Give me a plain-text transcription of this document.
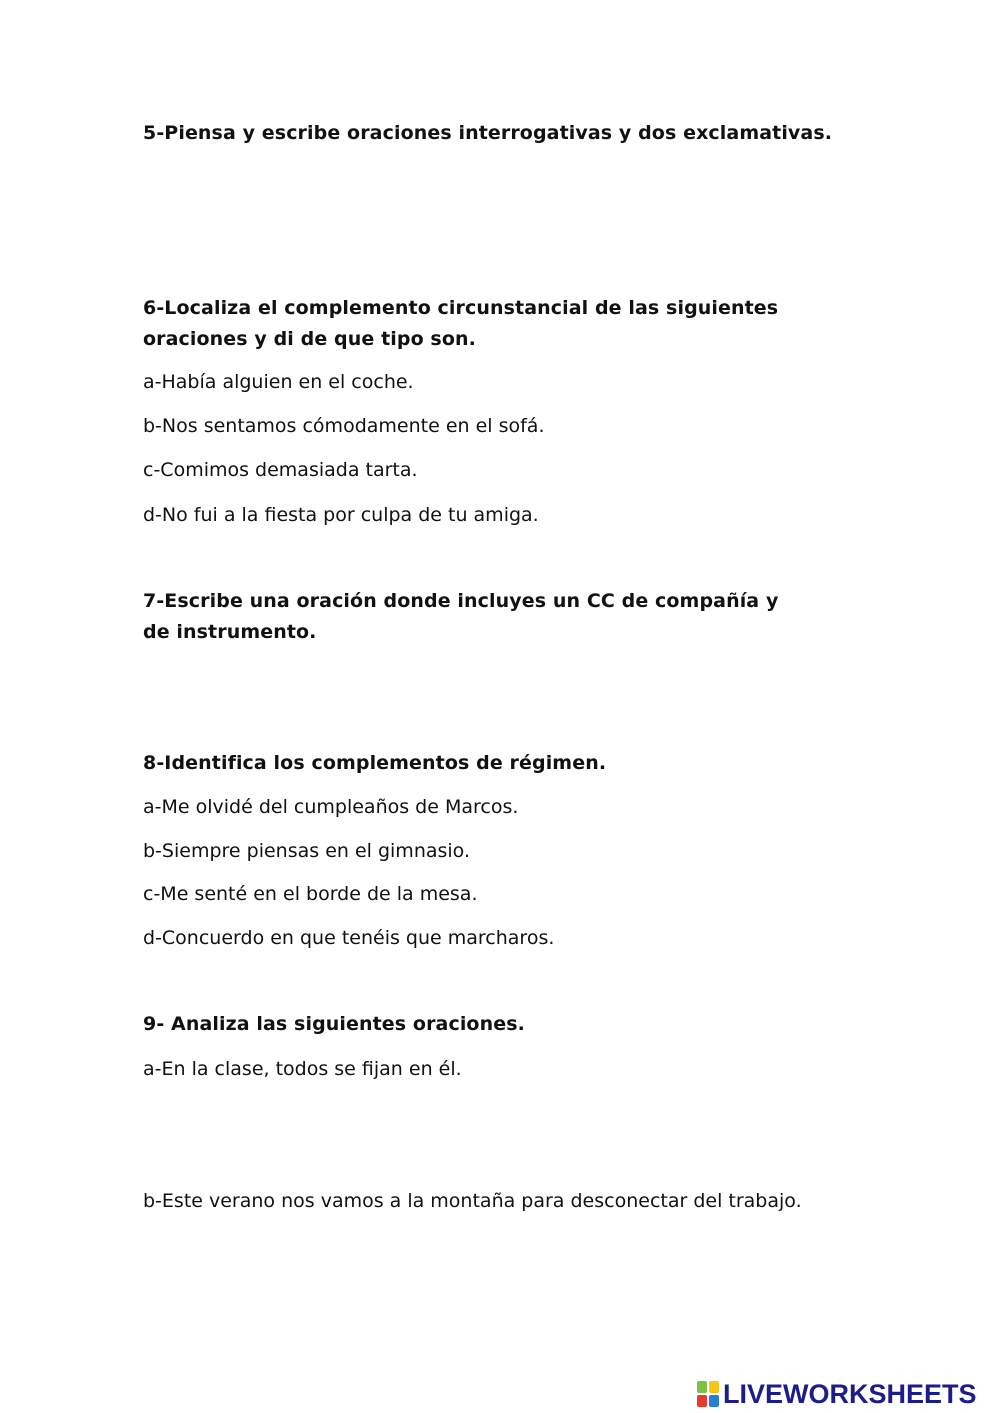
5-Piensa y escribe oraciones interrogativas y dos exclamativas.
6-Localiza el complemento circunstancial de las siguientes oraciones y di de que tipo son.
a-Había alguien en el coche.
b-Nos sentamos cómodamente en el sofá.
c-Comimos demasiada tarta.
d-No fui a la fiesta por culpa de tu amiga.
7-Escribe una oración donde incluyes un CC de compañía y de instrumento.
8-Identifica los complementos de régimen.
a-Me olvidé del cumpleaños de Marcos.
b-Siempre piensas en el gimnasio.
c-Me senté en el borde de la mesa.
d-Concuerdo en que tenéis que marcharos.
9- Analiza las siguientes oraciones.
a-En la clase, todos se fijan en él.
b-Este verano nos vamos a la montaña para desconectar del trabajo.
LIVEWORKSHEETS
